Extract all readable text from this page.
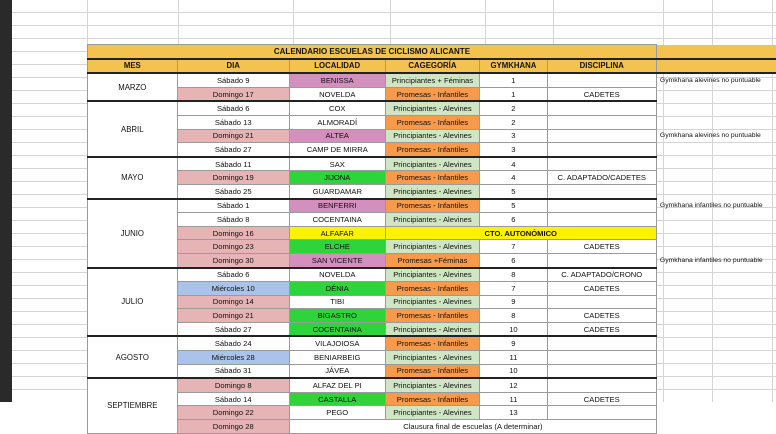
CALENDARIO ESCUELAS DE CICLISMO ALICANTE						
MES	DIA	LOCALIDAD	CAGEGORÍA	GYMKHANA	DISCIPLINA	
MARZO	Sábado 9	BENISSA	Principiantes + Féminas	1		Gymkhana alevines no puntuable
	Domingo 17	NOVELDA	Promesas - Infantiles	1	CADETES	
ABRIL	Sábado 6	COX	Principiantes - Alevines	2		
	Sábado 13	ALMORADÍ	Promesas - Infantiles	2		
	Domingo 21	ALTEA	Principiantes - Alevines	3		Gymkhana alevines no puntuable
	Sábado 27	CAMP DE MIRRA	Promesas - Infantiles	3		
MAYO	Sábado 11	SAX	Principiantes - Alevines	4		
	Domingo 19	JIJONA	Promesas - Infantiles	4	C. ADAPTADO/CADETES	
	Sábado 25	GUARDAMAR	Principiantes - Alevines	5		
JUNIO	Sábado 1	BENFERRI	Promesas - Infantiles	5		Gymkhana infantiles no puntuable
	Sábado 8	COCENTAINA	Principiantes - Alevines	6		
	Domingo 16	ALFAFAR	CTO. AUTONÓMICO			
	Domingo 23	ELCHE	Principiantes - Alevines	7	CADETES	
	Domingo 30	SAN VICENTE	Promesas +Féminas	6		Gymkhana infantiles no puntuable
JULIO	Sábado 6	NOVELDA	Principiantes - Alevines	8	C. ADAPTADO/CRONO	
	Miércoles 10	DÉNIA	Promesas - Infantiles	7	CADETES	
	Domingo 14	TIBI	Principiantes - Alevines	9		
	Domingo 21	BIGASTRO	Promesas - Infantiles	8	CADETES	
	Sábado 27	COCENTAINA	Principiantes - Alevines	10	CADETES	
AGOSTO	Sábado 24	VILAJOIOSA	Promesas - Infantiles	9		
	Miércoles 28	BENIARBEIG	Principiantes - Alevines	11		
	Sábado 31	JÁVEA	Promesas - Infantiles	10		
SEPTIEMBRE	Domingo 8	ALFAZ DEL PI	Principiantes - Alevines	12		
	Sábado 14	CASTALLA	Promesas - Infantiles	11	CADETES	
	Domingo 22	PEGO	Principiantes - Alevines	13		
	Domingo 28	Clausura final de escuelas (A determinar)				
